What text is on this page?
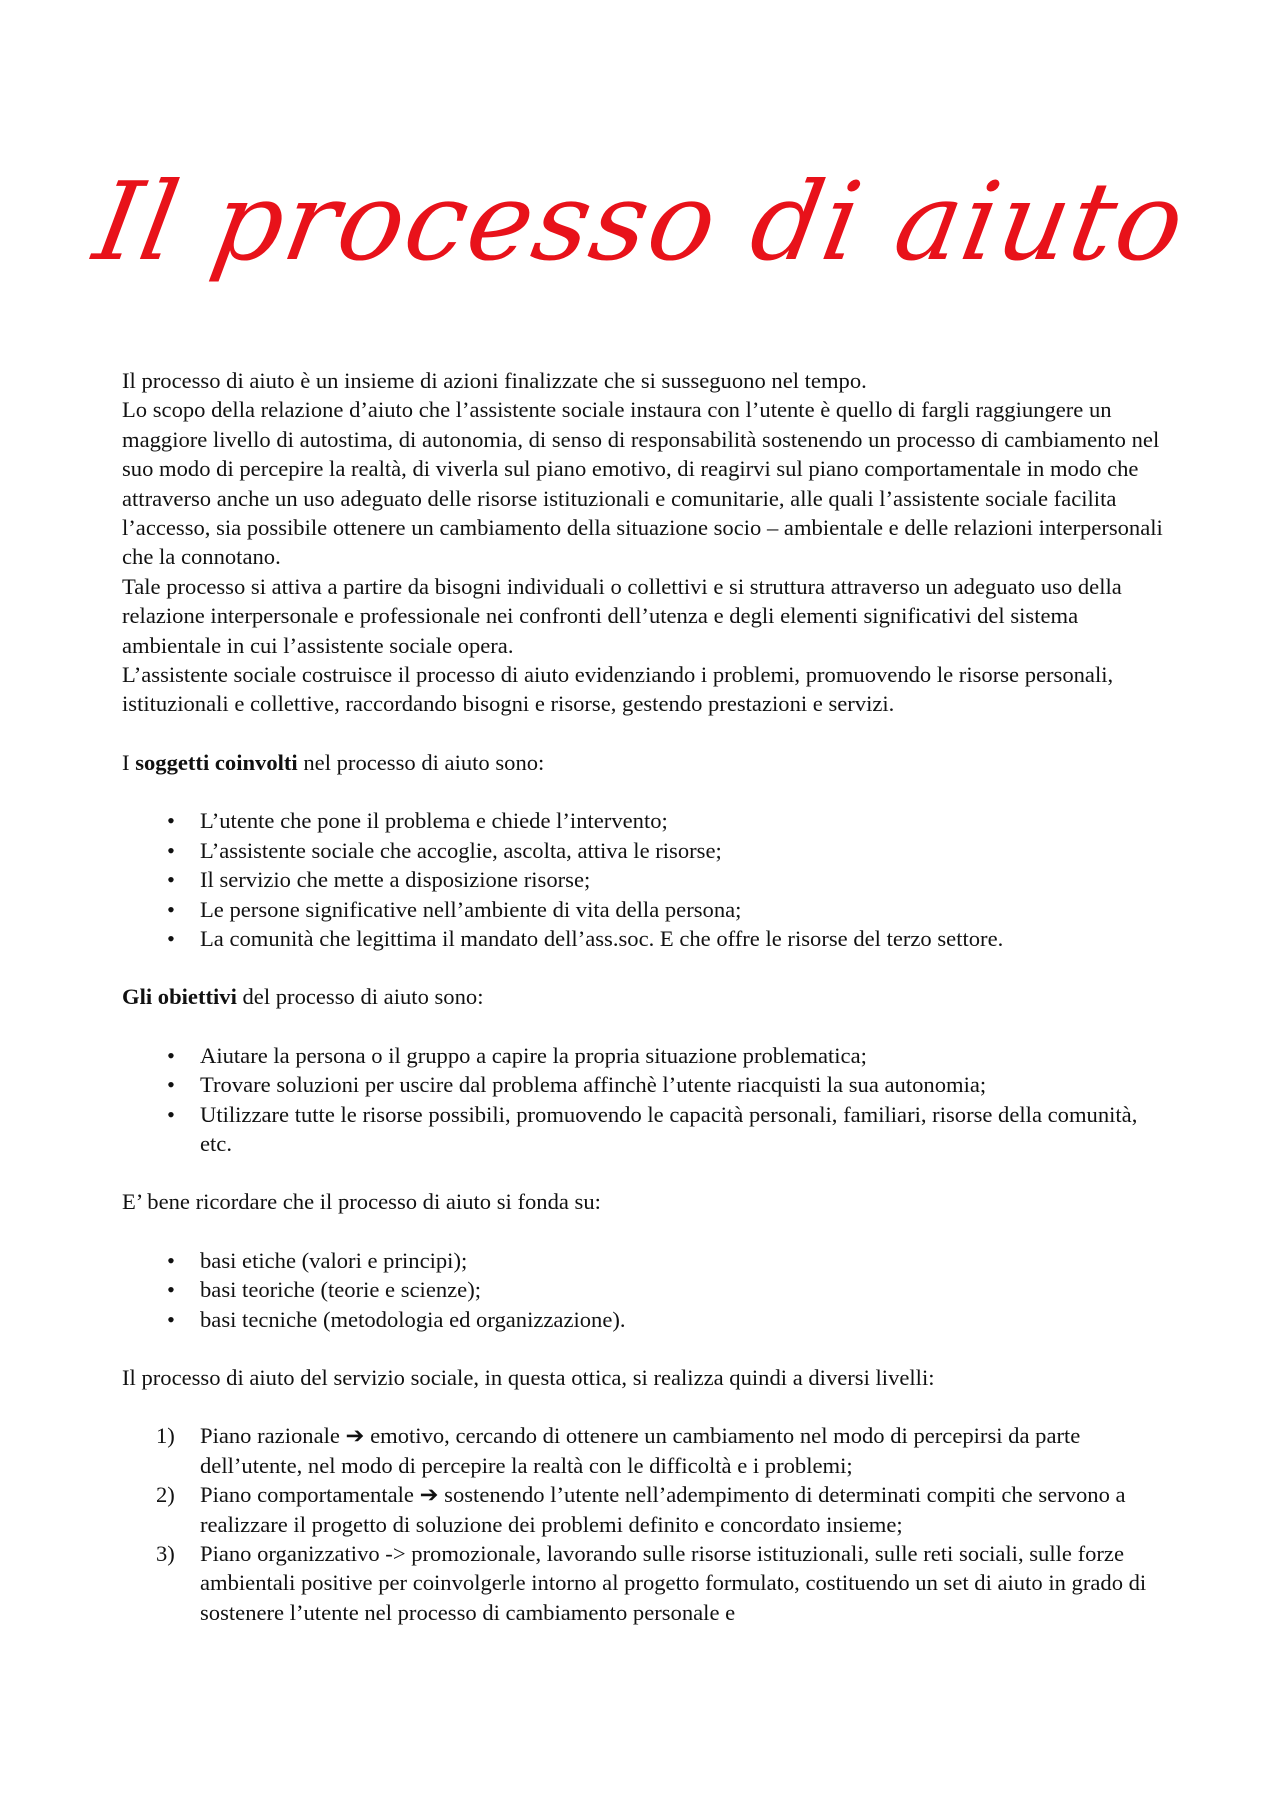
Il processo di aiuto

Il processo di aiuto è un insieme di azioni finalizzate che si susseguono nel tempo.

Lo scopo della relazione d’aiuto che l’assistente sociale instaura con l’utente è quello di fargli raggiungere un maggiore livello di autostima, di autonomia, di senso di responsabilità sostenendo un processo di cambiamento nel suo modo di percepire la realtà, di viverla sul piano emotivo, di reagirvi sul piano comportamentale in modo che attraverso anche un uso adeguato delle risorse istituzionali e comunitarie, alle quali l’assistente sociale facilita l’accesso, sia possibile ottenere un cambiamento della situazione socio – ambientale e delle relazioni interpersonali che la connotano.

Tale processo si attiva a partire da bisogni individuali o collettivi e si struttura attraverso un adeguato uso della relazione interpersonale e professionale nei confronti dell’utenza e degli elementi significativi del sistema ambientale in cui l’assistente sociale opera.

L’assistente sociale costruisce il processo di aiuto evidenziando i problemi, promuovendo le risorse personali, istituzionali e collettive, raccordando bisogni e risorse, gestendo prestazioni e servizi.

I soggetti coinvolti nel processo di aiuto sono:

• L’utente che pone il problema e chiede l’intervento;
• L’assistente sociale che accoglie, ascolta, attiva le risorse;
• Il servizio che mette a disposizione risorse;
• Le persone significative nell’ambiente di vita della persona;
• La comunità che legittima il mandato dell’ass.soc. E che offre le risorse del terzo settore.

Gli obiettivi del processo di aiuto sono:

• Aiutare la persona o il gruppo a capire la propria situazione problematica;
• Trovare soluzioni per uscire dal problema affinchè l’utente riacquisti la sua autonomia;
• Utilizzare tutte le risorse possibili, promuovendo le capacità personali, familiari, risorse della comunità, etc.

E’ bene ricordare che il processo di aiuto si fonda su:

• basi etiche (valori e principi);
• basi teoriche (teorie e scienze);
• basi tecniche (metodologia ed organizzazione).

Il processo di aiuto del servizio sociale, in questa ottica, si realizza quindi a diversi livelli:

1) Piano razionale ➔ emotivo, cercando di ottenere un cambiamento nel modo di percepirsi da parte dell’utente, nel modo di percepire la realtà con le difficoltà e i problemi;
2) Piano comportamentale ➔ sostenendo l’utente nell’adempimento di determinati compiti che servono a realizzare il progetto di soluzione dei problemi definito e concordato insieme;
3) Piano organizzativo -> promozionale, lavorando sulle risorse istituzionali, sulle reti sociali, sulle forze ambientali positive per coinvolgerle intorno al progetto formulato, costituendo un set di aiuto in grado di sostenere l’utente nel processo di cambiamento personale e
